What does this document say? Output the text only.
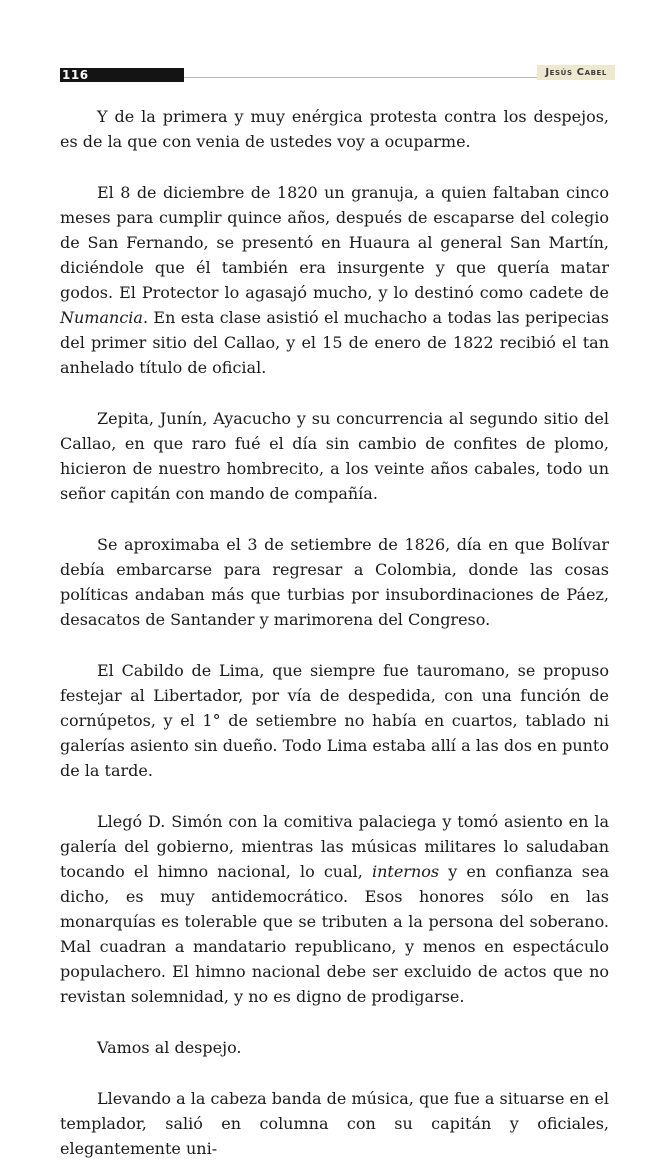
116	Jesús Cabel

Y de la primera y muy enérgica protesta contra los despejos, es de la que con venia de ustedes voy a ocuparme.

El 8 de diciembre de 1820 un granuja, a quien faltaban cinco meses para cumplir quince años, después de escaparse del colegio de San Fernando, se presentó en Huaura al general San Martín, diciéndole que él también era insurgente y que quería matar godos. El Protector lo agasajó mucho, y lo destinó como cadete de Numancia. En esta clase asistió el muchacho a todas las peripecias del primer sitio del Callao, y el 15 de enero de 1822 recibió el tan anhelado título de oficial.

Zepita, Junín, Ayacucho y su concurrencia al segundo sitio del Callao, en que raro fué el día sin cambio de confites de plomo, hicieron de nuestro hombrecito, a los veinte años cabales, todo un señor capitán con mando de compañía.

Se aproximaba el 3 de setiembre de 1826, día en que Bolívar debía embarcarse para regresar a Colombia, donde las cosas políticas andaban más que turbias por insubordinaciones de Páez, desacatos de Santander y marimorena del Congreso.

El Cabildo de Lima, que siempre fue tauromano, se propuso festejar al Libertador, por vía de despedida, con una función de cornúpetos, y el 1° de setiembre no había en cuartos, tablado ni galerías asiento sin dueño. Todo Lima estaba allí a las dos en punto de la tarde.

Llegó D. Simón con la comitiva palaciega y tomó asiento en la galería del gobierno, mientras las músicas militares lo saludaban tocando el himno nacional, lo cual, internos y en confianza sea dicho, es muy antidemocrático. Esos honores sólo en las monarquías es tolerable que se tributen a la persona del soberano. Mal cuadran a mandatario republicano, y menos en espectáculo populachero. El himno nacional debe ser excluido de actos que no revistan solemnidad, y no es digno de prodigarse.

Vamos al despejo.

Llevando a la cabeza banda de música, que fue a situarse en el templador, salió en columna con su capitán y oficiales, elegantemente uni-
